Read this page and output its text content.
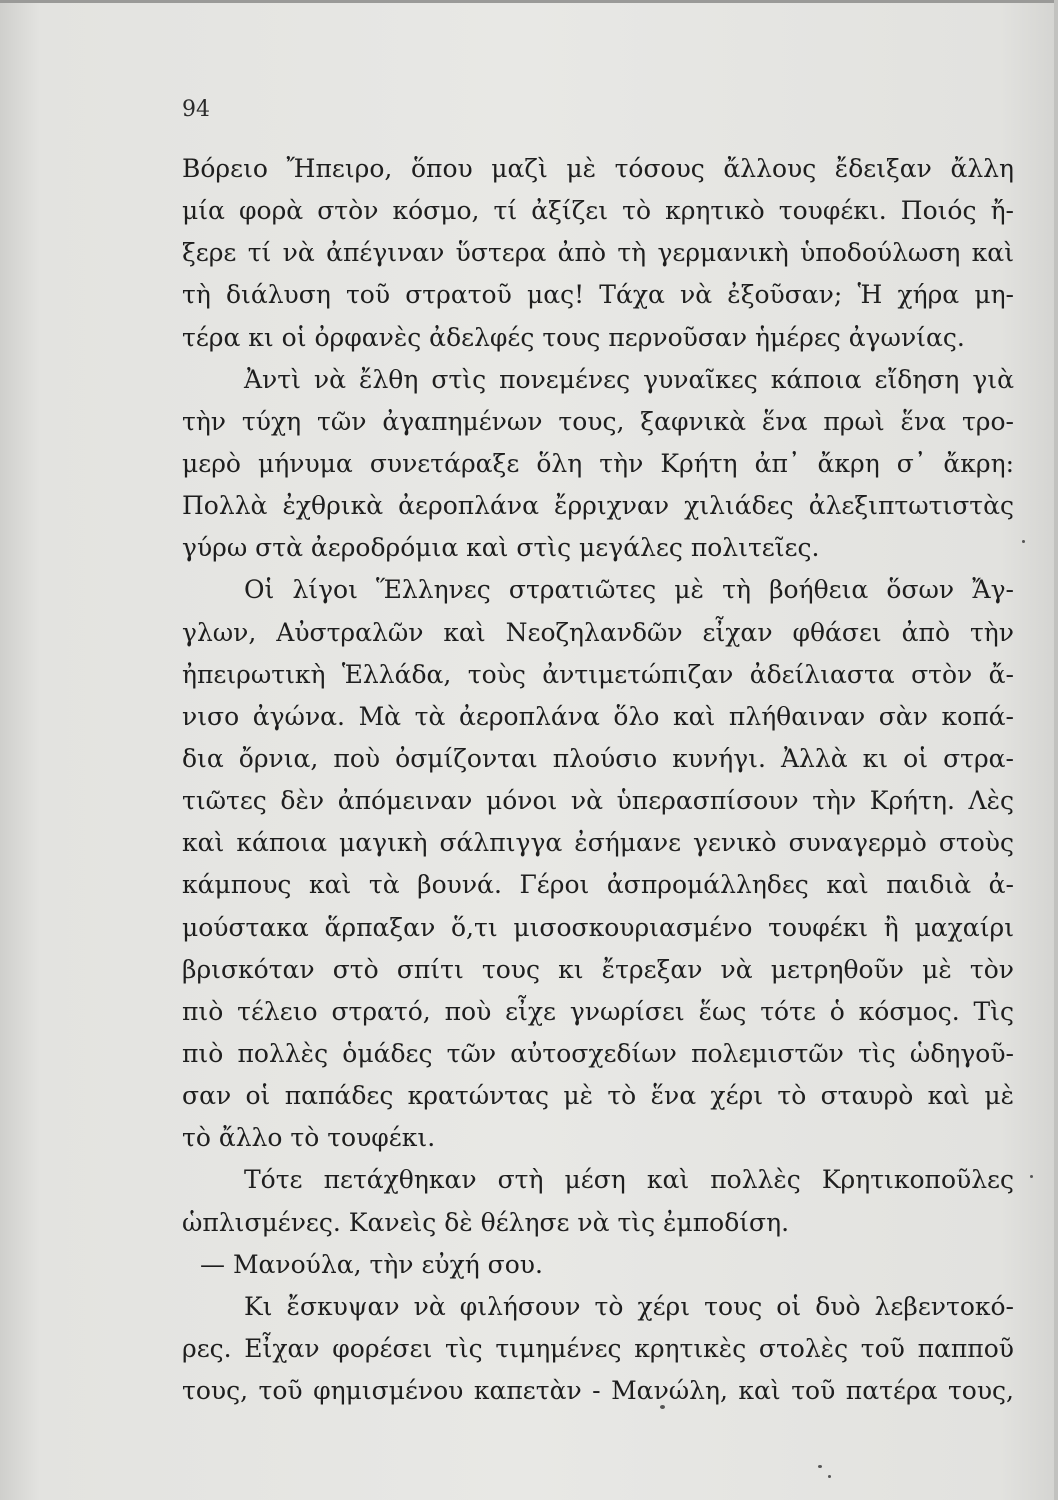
94
Βόρειο Ἤπειρο, ὅπου μαζὶ μὲ τόσους ἄλλους ἔδειξαν ἄλλη
μία φορὰ στὸν κόσμο, τί ἀξίζει τὸ κρητικὸ τουφέκι. Ποιός ἤ-
ξερε τί νὰ ἀπέγιναν ὕστερα ἀπὸ τὴ γερμανικὴ ὑποδούλωση καὶ
τὴ διάλυση τοῦ στρατοῦ μας! Τάχα νὰ ἐξοῦσαν; Ἡ χήρα μη-
τέρα κι οἱ ὀρφανὲς ἀδελφές τους περνοῦσαν ἡμέρες ἀγωνίας.
Ἀντὶ νὰ ἔλθη στὶς πονεμένες γυναῖκες κάποια εἴδηση γιὰ
τὴν τύχη τῶν ἀγαπημένων τους, ξαφνικὰ ἕνα πρωὶ ἕνα τρο-
μερὸ μήνυμα συνετάραξε ὅλη τὴν Κρήτη ἀπ᾽ ἄκρη σ᾽ ἄκρη:
Πολλὰ ἐχθρικὰ ἀεροπλάνα ἔρριχναν χιλιάδες ἀλεξιπτωτιστὰς
γύρω στὰ ἀεροδρόμια καὶ στὶς μεγάλες πολιτεῖες.
Οἱ λίγοι Ἕλληνες στρατιῶτες μὲ τὴ βοήθεια ὅσων Ἄγ-
γλων, Αὐστραλῶν καὶ Νεοζηλανδῶν εἶχαν φθάσει ἀπὸ τὴν
ἠπειρωτικὴ Ἑλλάδα, τοὺς ἀντιμετώπιζαν ἀδείλιαστα στὸν ἄ-
νισο ἀγώνα. Μὰ τὰ ἀεροπλάνα ὅλο καὶ πλήθαιναν σὰν κοπά-
δια ὄρνια, ποὺ ὀσμίζονται πλούσιο κυνήγι. Ἀλλὰ κι οἱ στρα-
τιῶτες δὲν ἀπόμειναν μόνοι νὰ ὑπερασπίσουν τὴν Κρήτη. Λὲς
καὶ κάποια μαγικὴ σάλπιγγα ἐσήμανε γενικὸ συναγερμὸ στοὺς
κάμπους καὶ τὰ βουνά. Γέροι ἀσπρομάλληδες καὶ παιδιὰ ἀ-
μούστακα ἅρπαξαν ὅ,τι μισοσκουριασμένο τουφέκι ἢ μαχαίρι
βρισκόταν στὸ σπίτι τους κι ἔτρεξαν νὰ μετρηθοῦν μὲ τὸν
πιὸ τέλειο στρατό, ποὺ εἶχε γνωρίσει ἕως τότε ὁ κόσμος. Τὶς
πιὸ πολλὲς ὁμάδες τῶν αὐτοσχεδίων πολεμιστῶν τὶς ὡδηγοῦ-
σαν οἱ παπάδες κρατώντας μὲ τὸ ἕνα χέρι τὸ σταυρὸ καὶ μὲ
τὸ ἄλλο τὸ τουφέκι.
Τότε πετάχθηκαν στὴ μέση καὶ πολλὲς Κρητικοποῦλες
ὡπλισμένες. Κανεὶς δὲ θέλησε νὰ τὶς ἐμποδίση.
— Μανούλα, τὴν εὐχή σου.
Κι ἔσκυψαν νὰ φιλήσουν τὸ χέρι τους οἱ δυὸ λεβεντοκό-
ρες. Εἶχαν φορέσει τὶς τιμημένες κρητικὲς στολὲς τοῦ παπποῦ
τους, τοῦ φημισμένου καπετὰν - Μανώλη, καὶ τοῦ πατέρα τους,
